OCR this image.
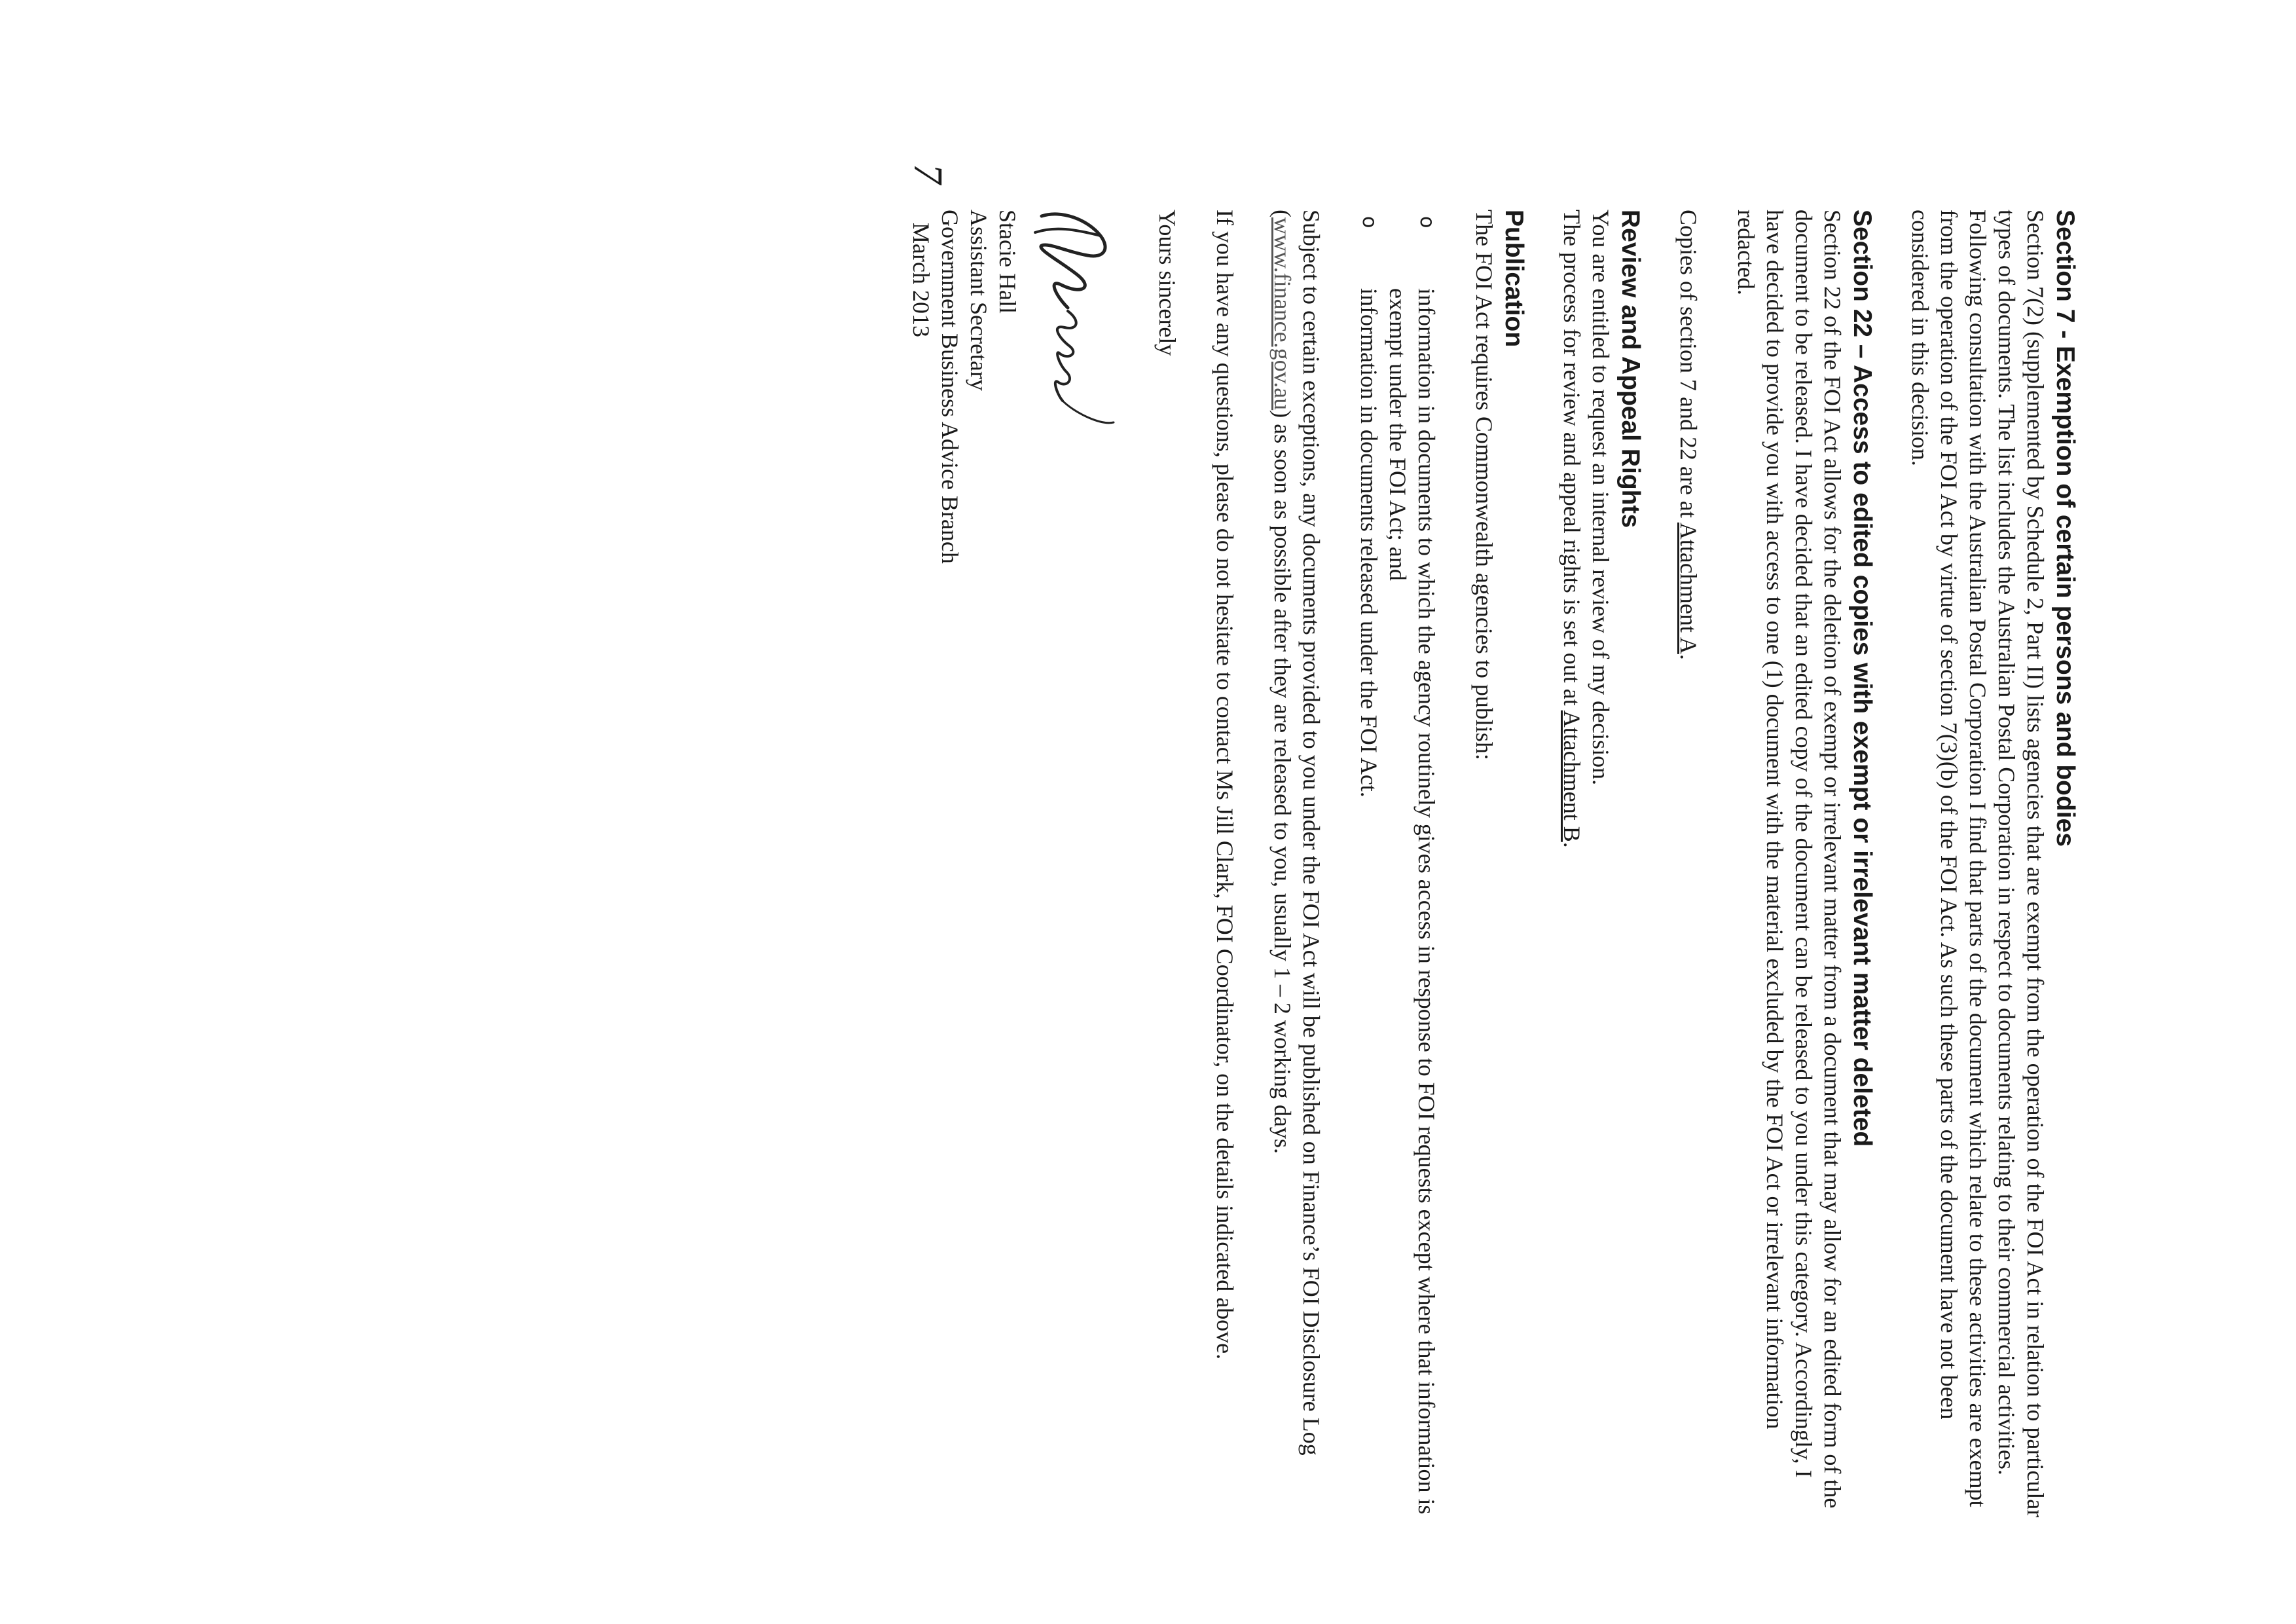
Section 7 - Exemption of certain persons and bodies

Section 7(2) (supplemented by Schedule 2, Part II) lists agencies that are exempt from the operation of the FOI Act in relation to particular types of documents. The list includes the Australian Postal Corporation in respect to documents relating to their commercial activities. Following consultation with the Australian Postal Corporation I find that parts of the document which relate to these activities are exempt from the operation of the FOI Act by virtue of section 7(3)(b) of the FOI Act. As such these parts of the document have not been considered in this decision.

Section 22 – Access to edited copies with exempt or irrelevant matter deleted

Section 22 of the FOI Act allows for the deletion of exempt or irrelevant matter from a document that may allow for an edited form of the document to be released. I have decided that an edited copy of the document can be released to you under this category. Accordingly, I have decided to provide you with access to one (1) document with the material excluded by the FOI Act or irrelevant information redacted.

Copies of section 7 and 22 are at Attachment A.

Review and Appeal Rights

You are entitled to request an internal review of my decision.

The process for review and appeal rights is set out at Attachment B.

Publication

The FOI Act requires Commonwealth agencies to publish:

o
information in documents to which the agency routinely gives access in response to FOI requests except where that information is exempt under the FOI Act; and
o
information in documents released under the FOI Act.

Subject to certain exceptions, any documents provided to you under the FOI Act will be published on Finance’s FOI Disclosure Log (www.finance.gov.au) as soon as possible after they are released to you, usually 1 – 2 working days.

If you have any questions, please do not hesitate to contact Ms Jill Clark, FOI Coordinator, on the details indicated above.

Yours sincerely

Stacie Hall

Assistant Secretary

Government Business Advice Branch

7
March 2013
